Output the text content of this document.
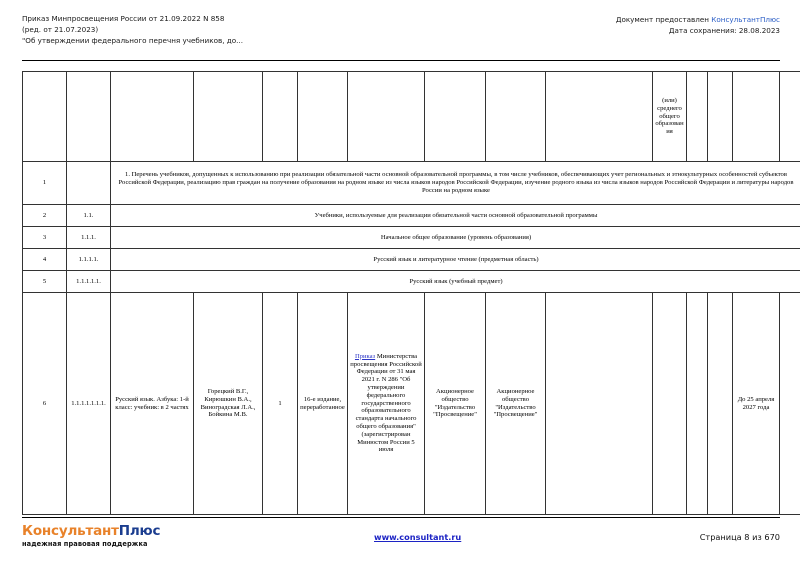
Приказ Минпросвещения России от 21.09.2022 N 858
(ред. от 21.07.2023)
"Об утверждении федерального перечня учебников, до...
Документ предоставлен КонсультантПлюс
Дата сохранения: 28.08.2023
										(или) среднего общего образования				
1		1. Перечень учебников, допущенных к использованию при реализации обязательной части основной образовательной программы, в том числе учебников, обеспечивающих учет региональных и этнокультурных особенностей субъектов Российской Федерации, реализацию прав граждан на получение образования на родном языке из числа языков народов Российской Федерации, изучение родного языка из числа языков народов Российской Федерации и литературы народов России на родном языке												
2	1.1.	Учебники, используемые для реализации обязательной части основной образовательной программы												
3	1.1.1.	Начальное общее образование (уровень образования)												
4	1.1.1.1.	Русский язык и литературное чтение (предметная область)												
5	1.1.1.1.1.	Русский язык (учебный предмет)												
6	1.1.1.1.1.1.1.	Русский язык. Азбука: 1-й класс: учебник: в 2 частях	Горецкий В.Г., Кирюшкин В.А., Виноградская Л.А., Бойкина М.В.	1	16-е издание, переработанное	Приказ Министерства просвещения Российской Федерации от 31 мая 2021 г. N 286 "Об утверждении федерального государственного образовательного стандарта начального общего образования" (зарегистрирован Минюстом России 5 июля	Акционерное общество "Издательство "Просвещение"	Акционерное общество "Издательство "Просвещение"					До 25 апреля 2027 года	
КонсультантПлюс
надежная правовая поддержка
www.consultant.ru	Страница 8 из 670
